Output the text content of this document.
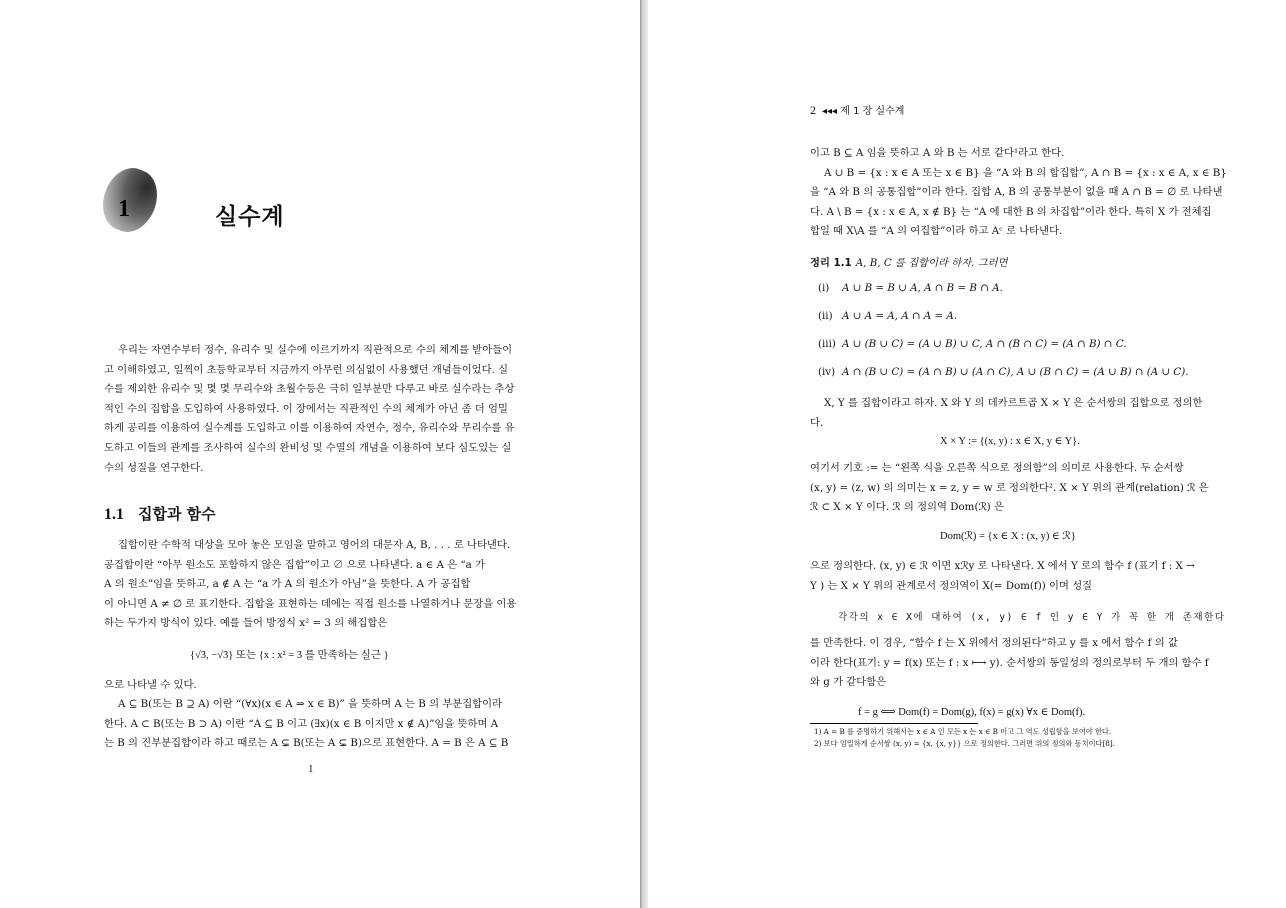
1	실수계
우리는 자연수부터 정수, 유리수 및 실수에 이르기까지 직관적으로 수의 체계를 받아들이
고 이해하였고, 일찍이 초등학교부터 지금까지 아무런 의심없이 사용했던 개념들이었다. 실
수를 제외한 유리수 및 몇 몇 무리수와 초월수등은 극히 일부분만 다루고 바로 실수라는 추상
적인 수의 집합을 도입하여 사용하였다. 이 장에서는 직관적인 수의 체계가 아닌 좀 더 엄밀
하게 공리를 이용하여 실수계를 도입하고 이를 이용하여 자연수, 정수, 유리수와 무리수를 유
도하고 이들의 관계를 조사하여 실수의 완비성 및 수열의 개념을 이용하여 보다 심도있는 실
수의 성질을 연구한다.
1.1 집합과 함수
집합이란 수학적 대상을 모아 놓은 모임을 말하고 영어의 대문자 A, B, . . . 로 나타낸다.
공집합이란 “아무 원소도 포함하지 않은 집합”이고 ∅ 으로 나타낸다. a ∈ A 은 “a 가
A 의 원소”임을 뜻하고, a ∉ A 는 “a 가 A 의 원소가 아님”을 뜻한다. A 가 공집합
이 아니면 A ≠ ∅ 로 표기한다. 집합을 표현하는 데에는 직접 원소를 나열하거나 문장을 이용
하는 두가지 방식이 있다. 예를 들어 방정식 x² = 3 의 해집합은
{√3, −√3} 또는 {x : x² = 3 를 만족하는 실근 }
으로 나타낼 수 있다.
A ⊆ B(또는 B ⊇ A) 이란 “(∀x)(x ∈ A ⇒ x ∈ B)” 을 뜻하며 A 는 B 의 부분집합이라
한다. A ⊂ B(또는 B ⊃ A) 이란 “A ⊆ B 이고 (∃x)(x ∈ B 이지만 x ∉ A)”임을 뜻하며 A
는 B 의 진부분집합이라 하고 때로는 A ⊊ B(또는 A ⊊ B)으로 표현한다. A = B 은 A ⊆ B
1
2 ◂◂◂ 제 1 장 실수계
이고 B ⊆ A 임을 뜻하고 A 와 B 는 서로 같다¹라고 한다.
A ∪ B = {x : x ∈ A 또는 x ∈ B} 을 “A 와 B 의 합집합”, A ∩ B = {x : x ∈ A, x ∈ B}
을 “A 와 B 의 공통집합”이라 한다. 집합 A, B 의 공통부분이 없을 때 A ∩ B = ∅ 로 나타낸
다. A \ B = {x : x ∈ A, x ∉ B} 는 “A 에 대한 B 의 차집합”이라 한다. 특히 X 가 전체집
합일 때 X\A 를 “A 의 여집합”이라 하고 Aᶜ 로 나타낸다.
정리 1.1 A, B, C 를 집합이라 하자. 그러면
(i) A ∪ B = B ∪ A, A ∩ B = B ∩ A.
(ii) A ∪ A = A, A ∩ A = A.
(iii) A ∪ (B ∪ C) = (A ∪ B) ∪ C, A ∩ (B ∩ C) = (A ∩ B) ∩ C.
(iv) A ∩ (B ∪ C) = (A ∩ B) ∪ (A ∩ C), A ∪ (B ∩ C) = (A ∪ B) ∩ (A ∪ C).
X, Y 를 집합이라고 하자. X 와 Y 의 데카르트곱 X × Y 은 순서쌍의 집합으로 정의한
다.
X × Y := {(x, y) : x ∈ X, y ∈ Y}.
여기서 기호 := 는 “왼쪽 식을 오른쪽 식으로 정의함”의 의미로 사용한다. 두 순서쌍
(x, y) = (z, w) 의 의미는 x = z, y = w 로 정의한다². X × Y 위의 관계(relation) ℛ 은
ℛ ⊂ X × Y 이다. ℛ 의 정의역 Dom(ℛ) 은
Dom(ℛ) = {x ∈ X : (x, y) ∈ ℛ}
으로 정의한다. (x, y) ∈ ℛ 이면 xℛy 로 나타낸다. X 에서 Y 로의 함수 f (표기 f : X →
Y ) 는 X × Y 위의 관계로서 정의역이 X(= Dom(f)) 이며 성질
각각의 x ∈ X에 대하여 (x, y) ∈ f 인 y ∈ Y 가 꼭 한 개 존재한다
를 만족한다. 이 경우, “함수 f 는 X 위에서 정의된다”하고 y 를 x 에서 함수 f 의 값
이라 한다(표기: y = f(x) 또는 f : x ⟼ y). 순서쌍의 동일성의 정의로부터 두 개의 함수 f
와 g 가 같다함은
f = g ⟺ Dom(f) = Dom(g), f(x) = g(x) ∀x ∈ Dom(f).
1) A = B 를 증명하기 위해서는 x ∈ A 인 모든 x 는 x ∈ B 이고 그 역도 성립함을 보여야 한다.
2) 보다 엄밀하게 순서쌍 (x, y) = {x, {x, y}} 으로 정의한다. 그러면 위의 정의와 동치이다[8].
